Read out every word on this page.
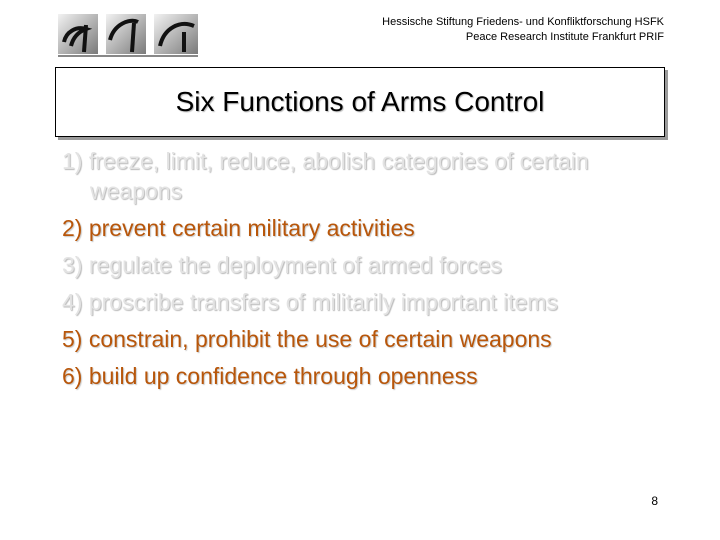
Hessische Stiftung Friedens- und Konfliktforschung HSFK
Peace Research Institute Frankfurt PRIF
Six Functions of Arms Control
1) freeze, limit, reduce, abolish categories of certain weapons
2) prevent certain military activities
3) regulate the deployment of armed forces
4) proscribe transfers of militarily important items
5) constrain, prohibit the use of certain weapons
6) build up confidence through openness
8
